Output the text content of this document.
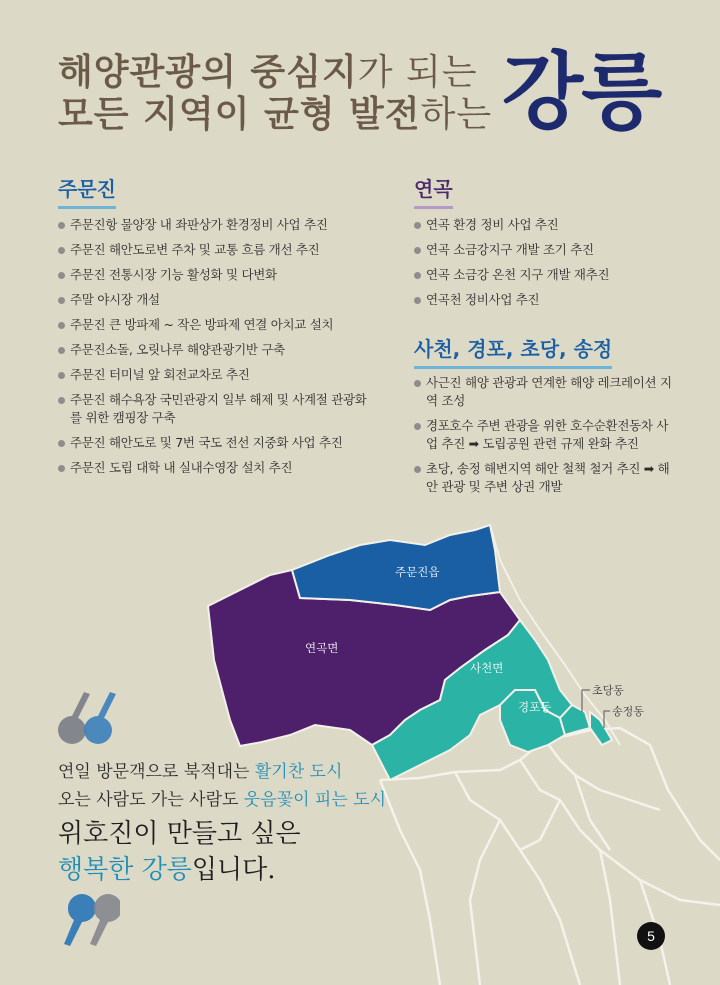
주문진읍
연곡면
사천면
경포동
초당동
송정동
해양관광의 중심지가 되는
모든 지역이 균형 발전하는 강릉
주문진
주문진항 물양장 내 좌판상가 환경정비 사업 추진
주문진 해안도로변 주차 및 교통 흐름 개선 추진
주문진 전통시장 기능 활성화 및 다변화
주말 야시장 개설
주문진 큰 방파제 ~ 작은 방파제 연결 아치교 설치
주문진소돌, 오릿나루 해양관광기반 구축
주문진 터미널 앞 회전교차로 추진
주문진 해수욕장 국민관광지 일부 해제 및 사계절 관광화를 위한 캠핑장 구축
주문진 해안도로 및 7번 국도 전선 지중화 사업 추진
주문진 도립 대학 내 실내수영장 설치 추진
연곡
연곡 환경 정비 사업 추진
연곡 소금강지구 개발 조기 추진
연곡 소금강 온천 지구 개발 재추진
연곡천 정비사업 추진
사천, 경포, 초당, 송정
사근진 해양 관광과 연계한 해양 레크레이션 지역 조성
경포호수 주변 관광을 위한 호수순환전동차 사업 추진 ➡ 도립공원 관련 규제 완화 추진
초당, 송정 해변지역 해안 철책 철거 추진 ➡ 해안 관광 및 주변 상권 개발
연일 방문객으로 북적대는 활기찬 도시
오는 사람도 가는 사람도 웃음꽃이 피는 도시
위호진이 만들고 싶은
행복한 강릉입니다.
5
